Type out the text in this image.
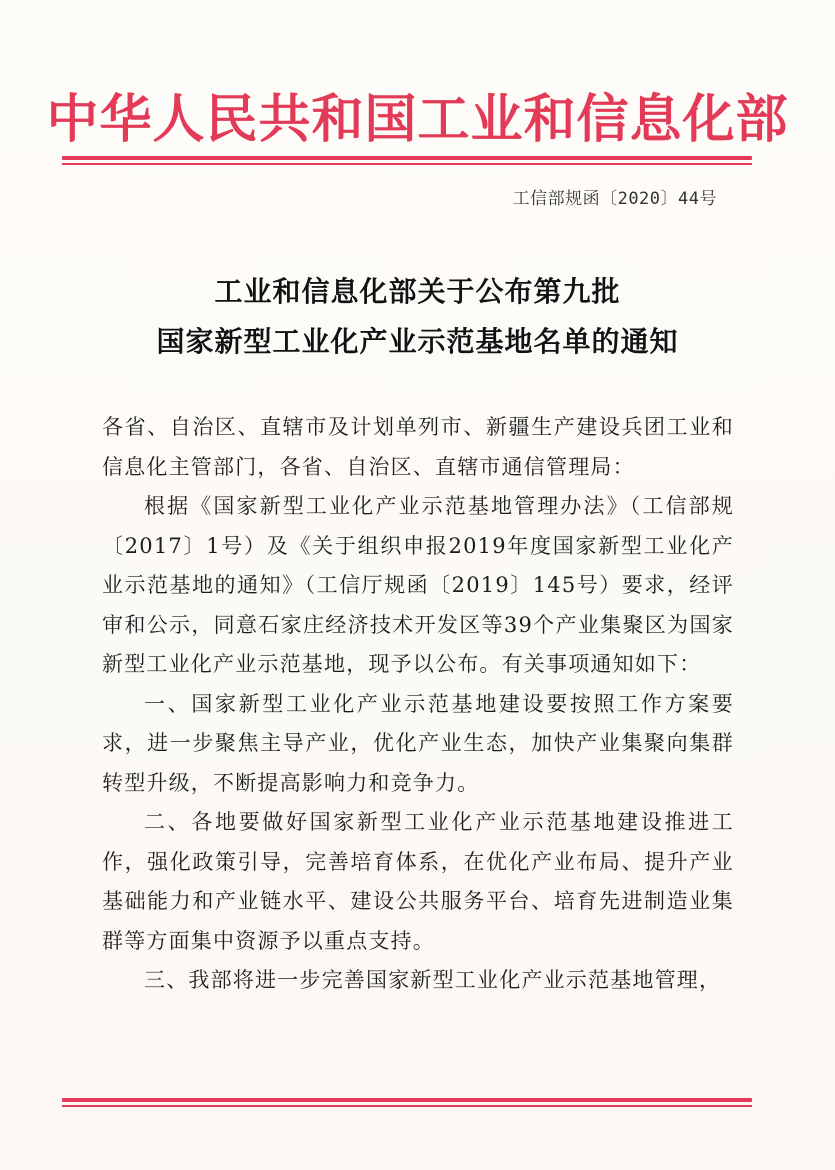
中华人民共和国工业和信息化部
工信部规函〔2020〕44号
工业和信息化部关于公布第九批
国家新型工业化产业示范基地名单的通知

各省、自治区、直辖市及计划单列市、新疆生产建设兵团工业和信息化主管部门，各省、自治区、直辖市通信管理局：

根据《国家新型工业化产业示范基地管理办法》（工信部规〔2017〕1号）及《关于组织申报2019年度国家新型工业化产业示范基地的通知》（工信厅规函〔2019〕145号）要求，经评审和公示，同意石家庄经济技术开发区等39个产业集聚区为国家新型工业化产业示范基地，现予以公布。有关事项通知如下：

一、国家新型工业化产业示范基地建设要按照工作方案要求，进一步聚焦主导产业，优化产业生态，加快产业集聚向集群转型升级，不断提高影响力和竞争力。

二、各地要做好国家新型工业化产业示范基地建设推进工作，强化政策引导，完善培育体系，在优化产业布局、提升产业基础能力和产业链水平、建设公共服务平台、培育先进制造业集群等方面集中资源予以重点支持。

三、我部将进一步完善国家新型工业化产业示范基地管理，
